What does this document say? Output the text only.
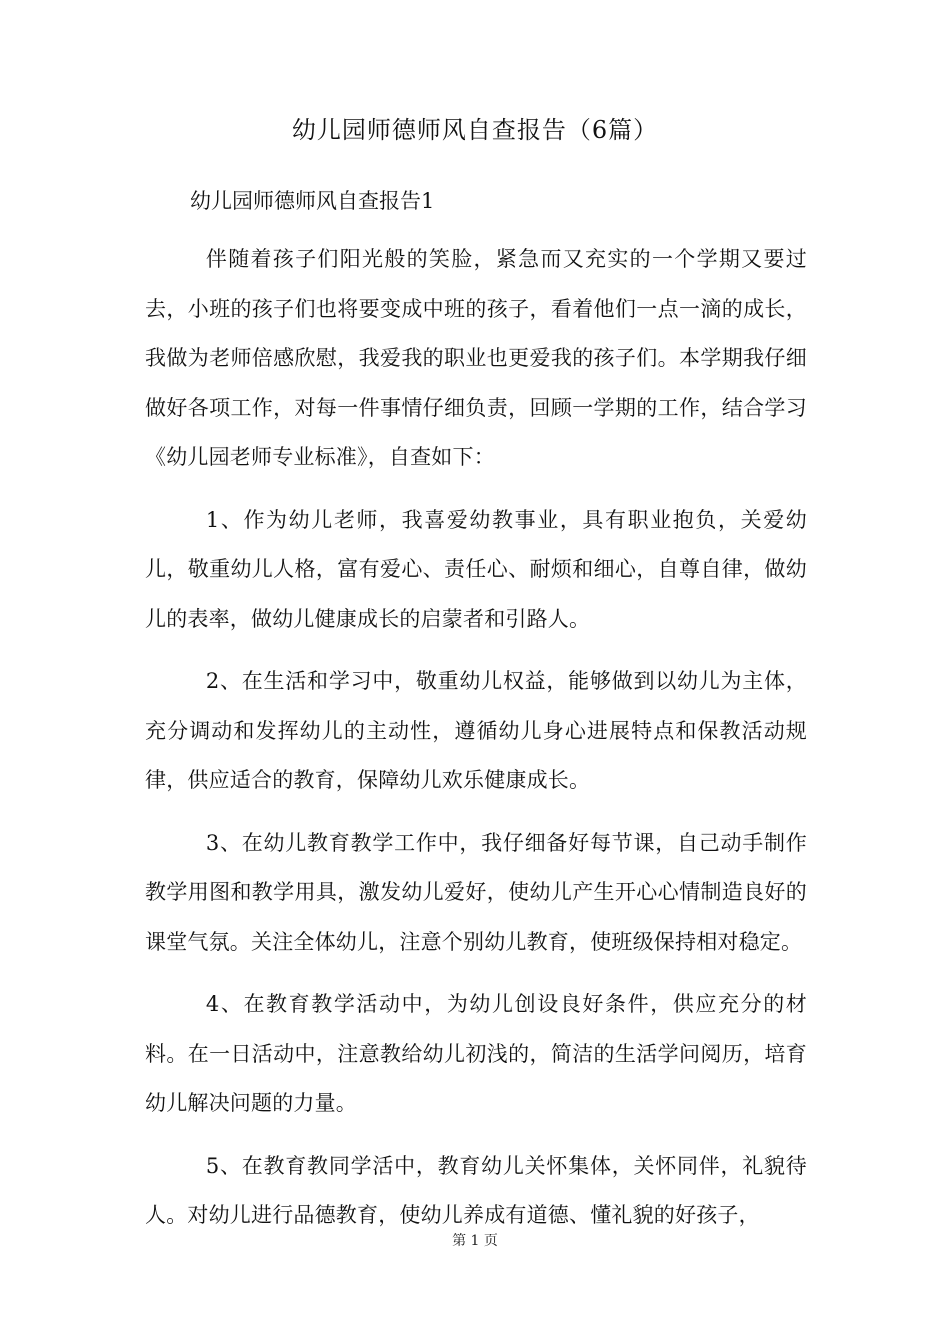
幼儿园师德师风自查报告（6篇）
幼儿园师德师风自查报告1

伴随着孩子们阳光般的笑脸，紧急而又充实的一个学期又要过去，小班的孩子们也将要变成中班的孩子，看着他们一点一滴的成长，我做为老师倍感欣慰，我爱我的职业也更爱我的孩子们。本学期我仔细做好各项工作，对每一件事情仔细负责，回顾一学期的工作，结合学习《幼儿园老师专业标准》，自查如下：

1、作为幼儿老师，我喜爱幼教事业，具有职业抱负，关爱幼儿，敬重幼儿人格，富有爱心、责任心、耐烦和细心，自尊自律，做幼儿的表率，做幼儿健康成长的启蒙者和引路人。

2、在生活和学习中，敬重幼儿权益，能够做到以幼儿为主体，充分调动和发挥幼儿的主动性，遵循幼儿身心进展特点和保教活动规律，供应适合的教育，保障幼儿欢乐健康成长。

3、在幼儿教育教学工作中，我仔细备好每节课，自己动手制作教学用图和教学用具，激发幼儿爱好，使幼儿产生开心心情制造良好的课堂气氛。关注全体幼儿，注意个别幼儿教育，使班级保持相对稳定。

4、在教育教学活动中，为幼儿创设良好条件，供应充分的材料。在一日活动中，注意教给幼儿初浅的，简洁的生活学问阅历，培育幼儿解决问题的力量。

5、在教育教同学活中，教育幼儿关怀集体，关怀同伴，礼貌待人。对幼儿进行品德教育，使幼儿养成有道德、懂礼貌的好孩子，

第 1 页
